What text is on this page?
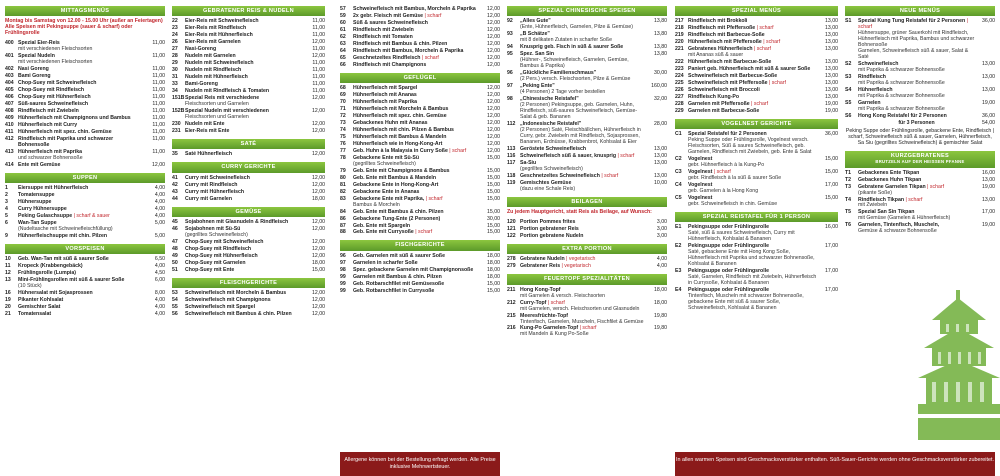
MITTAGSMENÜS
Montag bis Samstag von 12.00 - 15.00 Uhr (außer an Feiertagen) Alle Speisen mit Pekingsuppe (sauer & scharf) oder Frühlingsrolle
400 Spezial Eier-Reis
mit verschiedenen Fleischsorten
11,00
401 Spezial Nudeln
mit verschiedenen Fleischsorten
11,00
402 Nasi Goreng	11,00
403 Bami Goreng	11,00
404 Chop-Suey mit Schweinefleisch	11,00
405 Chop-Suey mit Rindfleisch	11,00
406 Chop-Suey mit Hühnerfleisch	11,00
407 Süß-saures Schweinefleisch	11,00
408 Rindfleisch mit Zwiebeln	11,00
409 Hühnerfleisch mit Champignons und Bambus	11,00
410 Hühnerfleisch mit Curry	11,00
411 Hühnerfleisch mit spez. chin. Gemüse	11,00
412 Rindfleisch mit Paprika und schwarzer Bohnensoße
11,00
413 Hühnerfleisch mit Paprika
und schwarzer Bohnensoße
11,00
414 Ente mit Gemüse	12,00
SUPPEN
1	Eiersuppe mit Hühnerfleisch	4,00
2	Tomatensuppe	4,00
3	Hühnersuppe	4,00
4	Curry Hühnersuppe	4,00
5	Peking Gulaschsuppe | scharf & sauer	4,00
6	Wan-Tan Suppe
(Nudeltasche mit Schweinefleischfüllung)
5,00
9	Hühnerfleischsuppe mit chin. Pilzen	5,00
VORSPEISEN
10	Geb. Wan-Tan mit süß & saurer Soße	6,50
11	Kropeck (Krabbengebäck)	4,00
12	Frühlingsrolle (Lumpia)	4,50
13	Mini-Frühlingsrollen mit süß & saurer Soße
(10 Stück)
6,00
16	Hühnersalat mit Sojasprossen	8,00
19	Pikanter Kohlsalat	4,00
20	Gemischter Salat	4,00
21	Tomatensalat	4,00
GEBRATENER REIS & NUDELN
22	Eier-Reis mit Schweinefleisch	11,00
23	Eier-Reis mit Rindfleisch	11,00
24	Eier-Reis mit Hühnerfleisch	11,00
26	Eier-Reis mit Garnelen	12,00
27	Nasi-Goreng	11,00
28	Nudeln mit Garnelen	12,00
29	Nudeln mit Schweinefleisch	11,00
30	Nudeln mit Rindfleisch	11,00
31	Nudeln mit Hühnerfleisch	11,00
33	Bami-Goreng	11,00
34	Nudeln mit Rindfleisch & Tomaten	11,00
151B Spezial Reis mit verschiedene
Fleischsorten und Garnelen
12,00
152B Spezial Nudeln mit verschiedenen
Fleischsorten und Garnelen
12,00
230 Nudeln mit Ente	12,00
231 Eier-Reis mit Ente	12,00
SATÉ
35	Saté Hühnerfleisch	12,00
CURRY GERICHTE
41	Curry mit Schweinefleisch	12,00
42	Curry mit Rindfleisch	12,00
43	Curry mit Hühnerfleisch	12,00
44	Curry mit Garnelen	18,00
GEMÜSE
45	Sojabohnen mit Glasnudeln & Rindfleisch	12,00
46	Sojabohnen mit Sü-Sü
(gegrilltes Schweinefleisch)
12,00
47	Chop-Suey mit Schweinefleisch	12,00
48	Chop-Suey mit Rindfleisch	12,00
49	Chop-Suey mit Hühnerfleisch	12,00
50	Chop-Suey mit Garnelen	18,00
51	Chop-Suey mit Ente	15,00
FLEISCHGERICHTE
53	Schweinefleisch mit Morcheln & Bambus	12,00
54	Schweinefleisch mit Champignons	12,00
55	Schweinefleisch mit Spargel	12,00
56	Schweinefleisch mit Bambus & chin. Pilzen	12,00
57	Schweinefleisch mit Bambus, Morcheln & Paprika	12,00
59	2x gebr. Fleisch mit Gemüse | scharf	12,00
60	Süß & saures Schweinefleisch	12,00
61	Rindfleisch mit Zwiebeln	12,00
62	Rindfleisch mit Tomaten	12,00
63	Rindfleisch mit Bambus & chin. Pilzen	12,00
64	Rindfleisch mit Bambus, Morcheln & Paprika	12,00
65	Geschnetzeltes Rindfleisch | scharf	12,00
66	Rindfleisch mit Champignons	12,00
GEFLÜGEL
68	Hühnerfleisch mit Spargel	12,00
69	Hühnerfleisch mit Ananas	12,00
70	Hühnerfleisch mit Paprika	12,00
71	Hühnerfleisch mit Morcheln & Bambus	12,00
72	Hühnerfleisch mit spez. chin. Gemüse	12,00
73	Gebackenes Huhn mit Ananas	12,00
74	Hühnerfleisch mit chin. Pilzen & Bambus	12,00
75	Hühnerfleisch mit Bambus & Mandeln	12,00
76	Hühnerfleisch wie in Hong-Kong-Art	12,00
77	Geb. Huhn à la Malaysia in Curry Soße | scharf	12,00
78	Gebackene Ente mit Sü-Sü
(gegrilltes Schweinefleisch)
15,00
79	Geb. Ente mit Champignons & Bambus	15,00
80	Geb. Ente mit Bambus & Mandeln	15,00
81	Gebackene Ente in Hong-Kong-Art	15,00
82	Gebackene Ente in Ananas	15,00
83	Gebackene Ente mit Paprika, | scharf
Bambus & Morcheln
15,00
84	Geb. Ente mit Bambus & chin. Pilzen	15,00
86	Gebackene Tung-Ente (2 Personen)	30,00
87	Geb. Ente mit Spargeln	15,00
88	Geb. Ente mit Currysoße | scharf	15,00
FISCHGERICHTE
96	Geb. Garnelen mit süß & saurer Soße	18,00
97	Garnelen in scharfer Soße	18,00
98	Spez. gebackene Garnelen mit Champignonsoße	18,00
99	Garnelen mit Bambus & chin. Pilzen	18,00
99	Geb. Rotbarschfilet mit Gemüsesoße	15,00
99	Geb. Rotbarschfilet in Currysoße	15,00
Allergene können bei der Bestellung erfragt werden. Alle Preise inklusive Mehrwertsteuer.
SPEZIAL CHINESISCHE SPEISEN
92	„Alles Gute"
(Ente, Hühnerfleisch, Garnelen, Pilze & Gemüse)
13,80
93	„B Schätze"
mit 8 delikaten Zutaten in scharfer Soße
13,80
94	Knusprig geb. Fisch in süß & saurer Soße	13,80
95	Spez. San Sin
(Hühner-, Schweinefleisch, Garnelen, Gemüse, Bambus & Paprika)
13,80
96	„Glückliche Familienschmaus"
(2 Pers.) versch. Fleischsorten, Pilze & Gemüse
30,00
97	„Peking Ente"
(4 Personen) 2 Tage vorher bestellen
160,00
98	„Chinesische Reistafel"
(2 Personen) Pekingsuppe, geb. Garnelen, Huhn, Rindfleisch, süß-saures Schweinefleisch, Gemüse-Salat & geb. Bananen
32,00
112 „Indonesische Reistafel"
(2 Personen) Saté, Fleischbällchen, Hühnerfleisch in Curry, gebr. Zwiebeln mit Rindfleisch, Sojasprossen, Bananen, Erdnüsse, Krabbenbrot, Kohlsalat & Eier
28,00
113 Geröstete Schweinefleisch	13,00
116 Schweinefleisch süß & sauer, knusprig | scharf	13,00
117 Sa-Siu
(gegrilltes Schweinefleisch)
13,00
118 Geschnetzeltes Schweinefleisch | scharf	13,00
119 Gemischtes Gemüse
(dazu eine Schale Reis)
10,00
BEILAGEN
Zu jedem Hauptgericht, statt Reis als Beilage, auf Wunsch:
120 Portion Pommes frites	3,00
121 Portion gebratener Reis	3,00
122 Portion gebratene Nudeln	3,00
EXTRA PORTION
278 Gebratene Nudeln | vegetarisch	4,00
279 Gebratener Reis | vegetarisch	4,00
FEUERTOPF SPEZIALITÄTEN
211 Hong Kong-Topf
mit Garnelen & versch. Fleischsorten
18,00
212 Curry-Topf | scharf
mit Garnelen, versch. Fleischsorten und Glasnudeln
18,00
215 Meeresfrüchte-Topf
Tintenfisch, Garnelen, Muscheln, Fischfilet & Gemüse
19,80
216 Kung-Po Garnelen-Topf | scharf
mit Mandeln & Kung Po-Soße
19,80
SPEZIAL MENÜS
217 Rindfleisch mit Brokkoli	13,00
218 Rindfleisch mit Pfeffersoße | scharf	13,00
219 Rindfleisch mit Barbecue-Soße	13,00
220 Hühnerfleisch mit Pfeffersoße | scharf	13,00
221 Gebratenes Hühnerfleisch | scharf
mit Ananas süß & sauer
13,00
222 Hühnerfleisch mit Barbecue-Soße	13,00
223 Paniert geb. Hühnerfleisch mit süß & saurer Soße	13,00
224 Schweinefleisch mit Barbecue-Soße	13,00
225 Schweinefleisch mit Pfeffersoße | scharf	13,00
226 Schweinefleisch mit Broccoli	13,00
227 Rindfleisch Kung-Po	13,00
228 Garnelen mit Pfeffersoße | scharf	19,00
229 Garnelen mit Barbecue-Soße	19,00
VOGELNEST GERICHTE
C1	Spezial Reistafel für 2 Personen
Peking Suppe oder Frühlingsrolle, Vogelnest versch. Fleischsorten, Süß & saures Schweinefleisch, geb. Garnelen, Rindfleisch mit Zwiebeln, geb. Ente & Salat
36,00
C2	Vogelnest
gebr. Hühnerfleisch à la Kung-Po
15,00
C3	Vogelnest | scharf
gebr. Rindfleisch à la süß & saurer Soße
15,00
C4	Vogelnest
geb. Garnelen à la Hong Kong
17,00
C5	Vogelnest
gebr. Schweinefleisch in chin. Gemüse
15,00
SPEZIAL REISTAFEL FÜR 1 PERSON
E1	Pekingsuppe oder Frühlingsrolle
Saté, süß & saures Schweinefleisch, Curry mit Hühnerfleisch, Kohlsalat & Bananen
16,00
E2	Pekingsuppe oder Frühlingsrolle
Saté, gebackene Ente mit Hong Kong Soße, Hühnerfleisch mit Paprika und schwarzer Bohnensoße, Kohlsalat & Bananen
17,00
E3	Pekingsuppe oder Frühlingsrolle
Saté, Garnelen, Rindfleisch mit Zwiebeln, Hühnerfleisch in Currysoße, Kohlsalat & Bananen
17,00
E4	Pekingsuppe oder Frühlingsrolle
Tintenfisch, Muscheln mit schwarzer Bohnensoße, gebackene Ente mit süß & saurer Soße, Schweinefleisch, Kohlsalat & Bananen
17,00
In allen warmen Speisen sind Geschmacksverstärker enthalten. Süß-Sauer-Gerichte werden ohne Geschmacksverstärker zubereitet.
NEUE MENÜS
S1	Spezial Kung Tung Reistafel für 2 Personen | scharf
Hühnersuppe, grüner Sauerkohl mit Rindfleisch, Hühnerfleisch mit Paprika, Bambus und schwarzer Bohnensoße
Garnelen, Schweinefleisch süß & sauer, Salat & Saté
36,00
S2	Schweinefleisch
mit Paprika & schwarzer Bohnensoße
13,00
S3	Rindfleisch
mit Paprika & schwarzer Bohnensoße
13,00
S4	Hühnerfleisch
mit Paprika & schwarzer Bohnensoße
13,00
S5	Garnelen
mit Paprika & schwarzer Bohnensoße
19,00
S6	Hong Kong Reistafel für 2 Personen	36,00
für 3 Personen	54,00
Peking Suppe oder Frühlingsrolle, gebackene Ente, Rindfleisch | scharf, Schweinefleisch süß & sauer, Garnelen, Hühnerfleisch, Sa Siu (gegrilltes Schweinefleisch) & gemischter Salat
KURZGEBRATENES
BRUTZELN AUF DER HEISSEN PFANNE
T1	Gebackenes Ente Tikpan	16,00
T2	Gebackenes Huhn Tikpan	13,00
T3	Gebratene Garnelen Tikpan | scharf
(pikante Soße)
19,00
T4	Rindfleisch Tikpan | scharf
mit Zwiebeln
13,00
T5	Spezial San Sin Tikpan
mit Gemüse (Garnelen & Hühnerfleisch)
17,00
T6	Garnelen, Tintenfisch, Muscheln,
Gemüse & schwarze Bohnensoße
19,00
